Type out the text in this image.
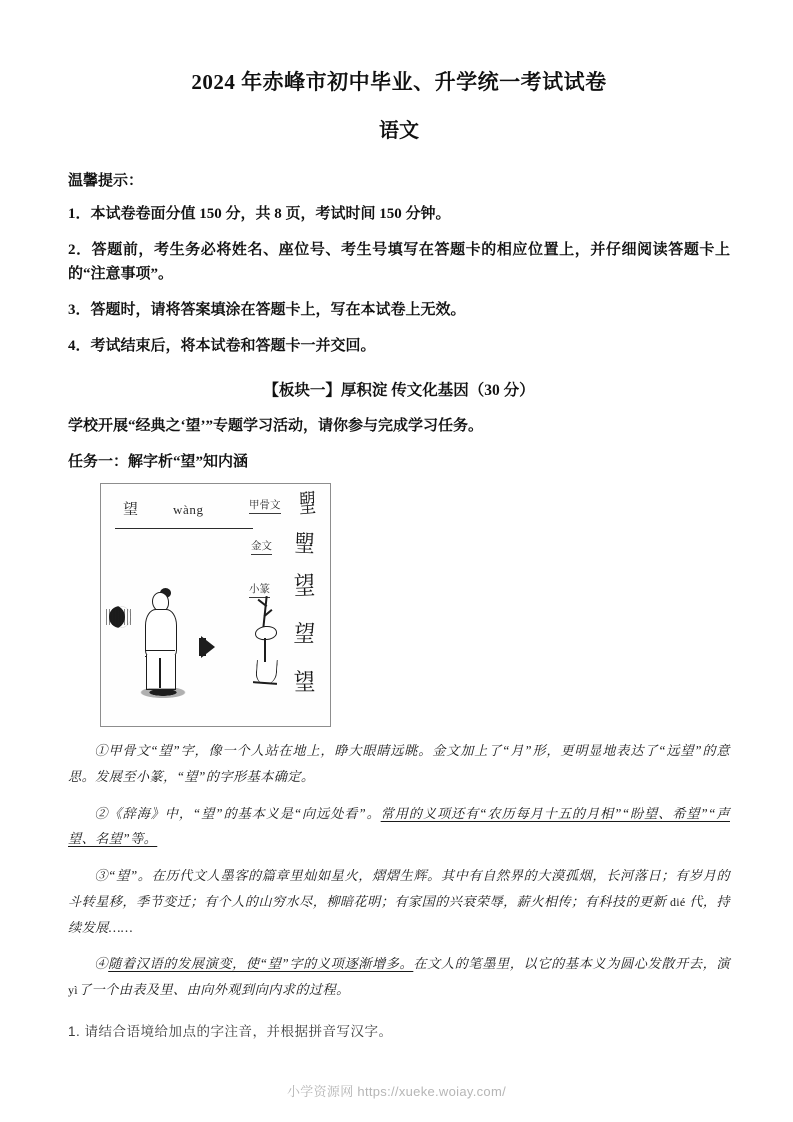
2024 年赤峰市初中毕业、升学统一考试试卷
语文
温馨提示：
1．本试卷卷面分值 150 分，共 8 页，考试时间 150 分钟。
2．答题前，考生务必将姓名、座位号、考生号填写在答题卡的相应位置上，并仔细阅读答题卡上的“注意事项”。
3．答题时，请将答案填涂在答题卡上，写在本试卷上无效。
4．考试结束后，将本试卷和答题卡一并交回。
【板块一】厚积淀 传文化基因（30 分）
学校开展“经典之‘望’”专题学习活动，请你参与完成学习任务。
任务一：解字析“望”知内涵
望	wàng	甲骨文 朢
金文 朢
小篆 望
望
望
①甲骨文“望”字，像一个人站在地上，睁大眼睛远眺。金文加上了“月”形，更明显地表达了“远望”的意思。发展至小篆，“望”的字形基本确定。
②《辞海》中，“望”的基本义是“向远处看”。常用的义项还有“农历每月十五的月相”“盼望、希望”“声望、名望”等。
③“望”。在历代文人墨客的篇章里灿如星火，熠熠生辉。其中有自然界的大漠孤烟，长河落日；有岁月的斗转星移，季节变迁；有个人的山穷水尽，柳暗花明；有家国的兴衰荣辱，薪火相传；有科技的更新 dié 代，持续发展……
④随着汉语的发展演变，使“望”字的义项逐渐增多。在文人的笔墨里，以它的基本义为圆心发散开去，演 yì了一个由表及里、由向外观到向内求的过程。
1. 请结合语境给加点的字注音，并根据拼音写汉字。
小学资源网 https://xueke.woiay.com/
